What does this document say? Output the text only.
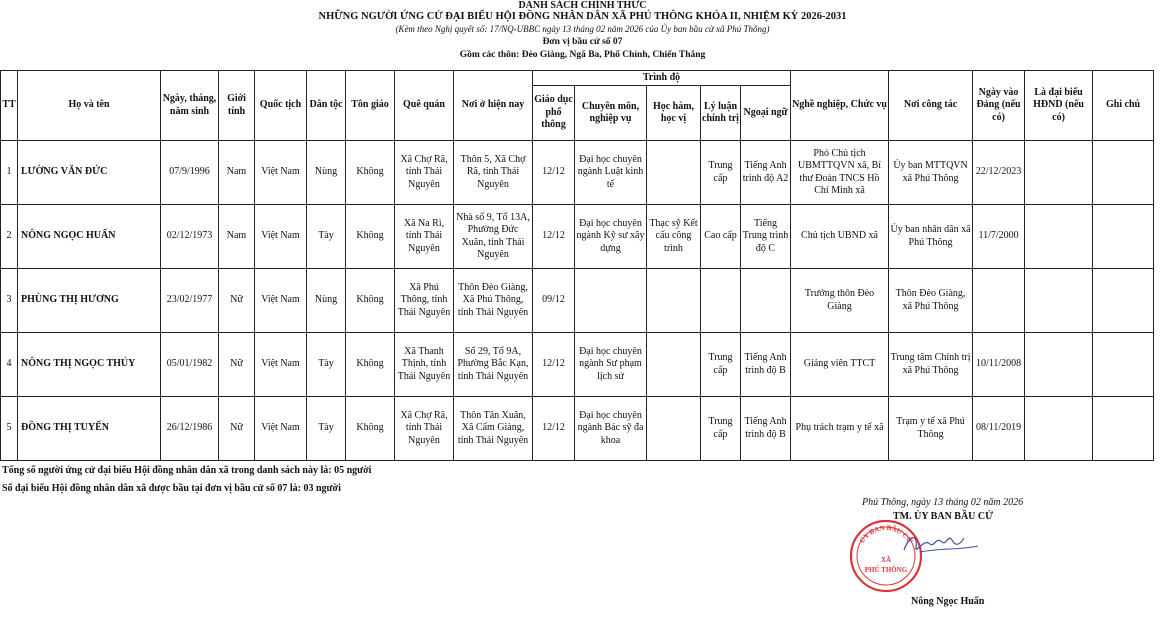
DANH SÁCH CHÍNH THỨC
NHỮNG NGƯỜI ỨNG CỬ ĐẠI BIỂU HỘI ĐỒNG NHÂN DÂN XÃ PHÚ THÔNG KHÓA II, NHIỆM KỲ 2026-2031
(Kèm theo Nghị quyết số: 17/NQ-UBBC ngày 13 tháng 02 năm 2026 của Ủy ban bầu cử xã Phú Thông)
Đơn vị bầu cử số 07
Gồm các thôn: Đèo Giàng, Ngã Ba, Phố Chính, Chiến Thắng
TT	Họ và tên	Ngày, tháng, năm sinh	Giới tính	Quốc tịch	Dân tộc	Tôn giáo	Quê quán	Nơi ở hiện nay	Trình độ					Nghề nghiệp, Chức vụ	Nơi công tác	Ngày vào Đảng (nếu có)	Là đại biểu HĐND (nếu có)	Ghi chú
									Giáo dục phổ thông	Chuyên môn, nghiệp vụ	Học hàm, học vị	Lý luận chính trị	Ngoại ngữ					
1	LƯỜNG VĂN ĐỨC	07/9/1996	Nam	Việt Nam	Nùng	Không	Xã Chợ Rã, tỉnh Thái Nguyên	Thôn 5, Xã Chợ Rã, tỉnh Thái Nguyên	12/12	Đại học chuyên ngành Luật kinh tế		Trung cấp	Tiếng Anh trình độ A2	Phó Chủ tịch UBMTTQVN xã, Bí thư Đoàn TNCS Hồ Chí Minh xã	Ủy ban MTTQVN xã Phú Thông	22/12/2023		
2	NÔNG NGỌC HUẤN	02/12/1973	Nam	Việt Nam	Tày	Không	Xã Na Rì, tỉnh Thái Nguyên	Nhà số 9, Tổ 13A, Phường Đức Xuân, tỉnh Thái Nguyên	12/12	Đại học chuyên ngành Kỹ sư xây dựng	Thạc sỹ Kết cấu công trình	Cao cấp	Tiếng Trung trình độ C	Chủ tịch UBND xã	Ủy ban nhân dân xã Phú Thông	11/7/2000		
3	PHÙNG THỊ HƯƠNG	23/02/1977	Nữ	Việt Nam	Nùng	Không	Xã Phú Thông, tỉnh Thái Nguyên	Thôn Đèo Giàng, Xã Phú Thông, tỉnh Thái Nguyên	09/12					Trưởng thôn Đèo Giàng	Thôn Đèo Giàng, xã Phú Thông			
4	NÔNG THỊ NGỌC THÚY	05/01/1982	Nữ	Việt Nam	Tày	Không	Xã Thanh Thịnh, tỉnh Thái Nguyên	Số 29, Tổ 9A, Phường Bắc Kạn, tỉnh Thái Nguyên	12/12	Đại học chuyên ngành Sư phạm lịch sử		Trung cấp	Tiếng Anh trình độ B	Giảng viên TTCT	Trung tâm Chính trị xã Phú Thông	10/11/2008		
5	ĐỒNG THỊ TUYẾN	26/12/1986	Nữ	Việt Nam	Tày	Không	Xã Chợ Rã, tỉnh Thái Nguyên	Thôn Tân Xuân, Xã Cẩm Giàng, tỉnh Thái Nguyên	12/12	Đại học chuyên ngành Bác sỹ đa khoa		Trung cấp	Tiếng Anh trình độ B	Phụ trách trạm y tế xã	Trạm y tế xã Phú Thông	08/11/2019		
Tổng số người ứng cử đại biểu Hội đồng nhân dân xã trong danh sách này là: 05 người
Số đại biểu Hội đồng nhân dân xã được bầu tại đơn vị bầu cử số 07 là: 03 người
Phú Thông, ngày 13 tháng 02 năm 2026
TM. ỦY BAN BẦU CỬ
ỦY BAN BẦU CỬ
XÃ
PHÚ THÔNG
Nông Ngọc Huấn
